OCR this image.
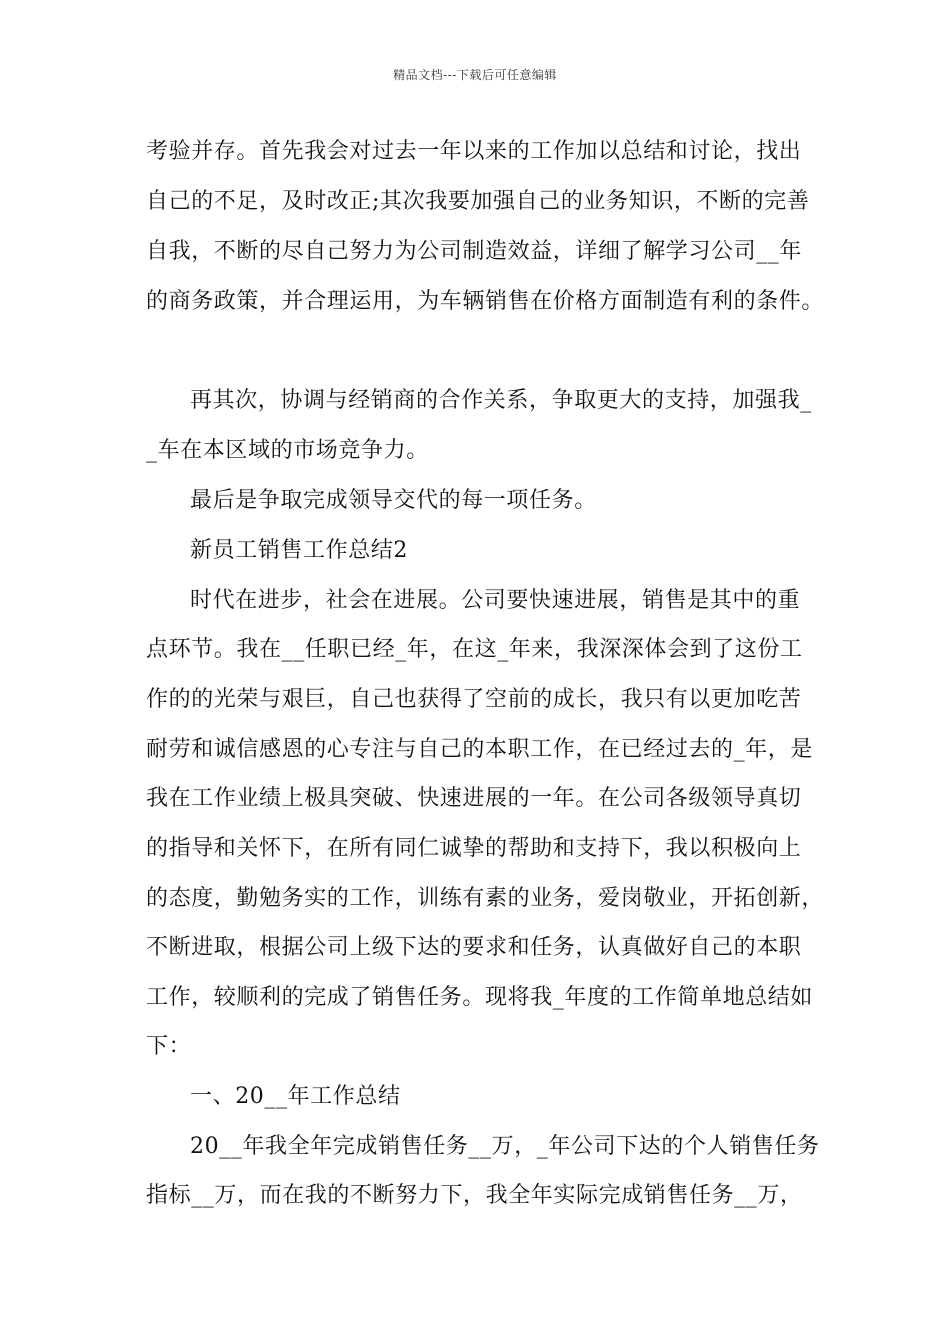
精品文档---下载后可任意编辑
考验并存。首先我会对过去一年以来的工作加以总结和讨论，找出
自己的不足，及时改正;其次我要加强自己的业务知识，不断的完善
自我，不断的尽自己努力为公司制造效益，详细了解学习公司__年
的商务政策，并合理运用，为车辆销售在价格方面制造有利的条件。
再其次，协调与经销商的合作关系，争取更大的支持，加强我_
_车在本区域的市场竞争力。
最后是争取完成领导交代的每一项任务。
新员工销售工作总结2
时代在进步，社会在进展。公司要快速进展，销售是其中的重
点环节。我在__任职已经_年，在这_年来，我深深体会到了这份工
作的的光荣与艰巨，自己也获得了空前的成长，我只有以更加吃苦
耐劳和诚信感恩的心专注与自己的本职工作，在已经过去的_年，是
我在工作业绩上极具突破、快速进展的一年。在公司各级领导真切
的指导和关怀下，在所有同仁诚挚的帮助和支持下，我以积极向上
的态度，勤勉务实的工作，训练有素的业务，爱岗敬业，开拓创新，
不断进取，根据公司上级下达的要求和任务，认真做好自己的本职
工作，较顺利的完成了销售任务。现将我_年度的工作简单地总结如
下：
一、20__年工作总结
20__年我全年完成销售任务__万，_年公司下达的个人销售任务
指标__万，而在我的不断努力下，我全年实际完成销售任务__万，
